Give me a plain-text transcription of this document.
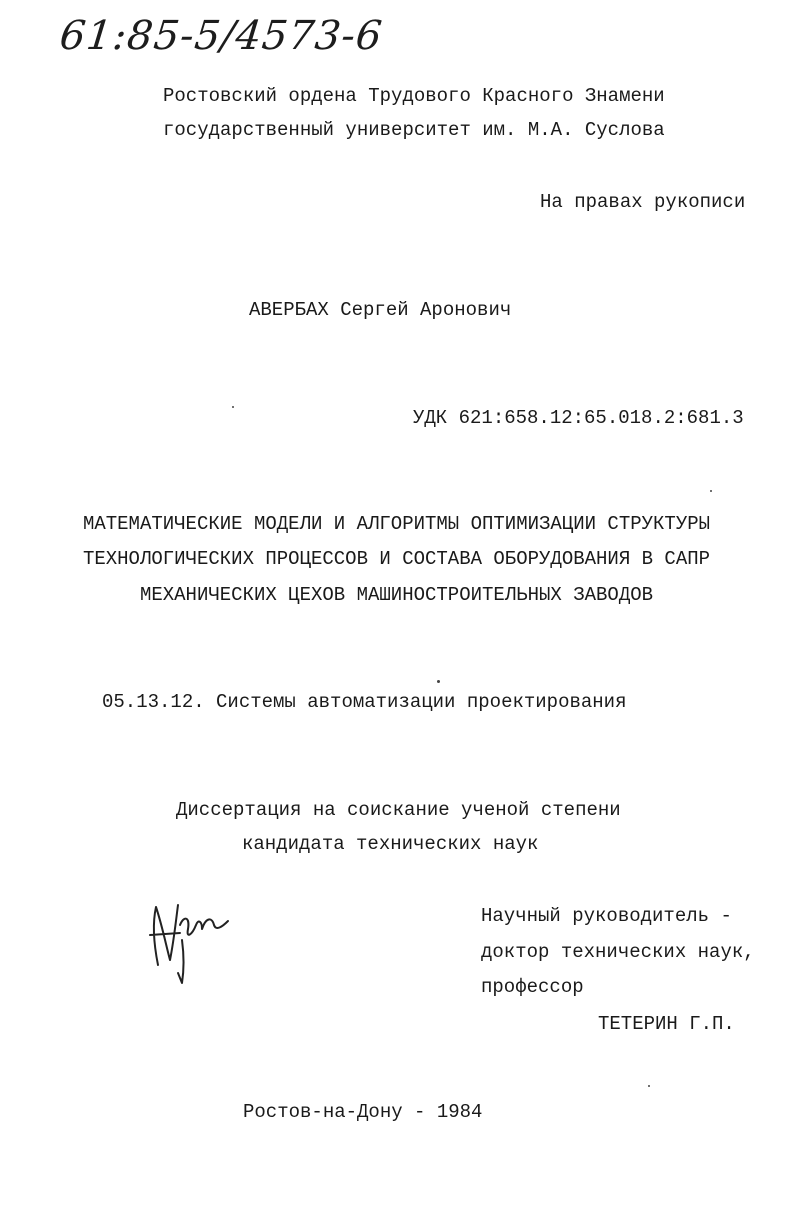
61:85-5/4573-6
Ростовский ордена Трудового Красного Знамени
государственный университет им. М.А. Суслова
На правах рукописи
АВЕРБАХ Сергей Аронович
УДК 621:658.12:65.018.2:681.3
МАТЕМАТИЧЕСКИЕ МОДЕЛИ И АЛГОРИТМЫ ОПТИМИЗАЦИИ СТРУКТУРЫ
ТЕХНОЛОГИЧЕСКИХ ПРОЦЕССОВ И СОСТАВА ОБОРУДОВАНИЯ В САПР
МЕХАНИЧЕСКИХ ЦЕХОВ МАШИНОСТРОИТЕЛЬНЫХ ЗАВОДОВ
05.13.12. Системы автоматизации проектирования
Диссертация на соискание ученой степени
кандидата технических наук
Научный руководитель -
доктор технических наук,
профессор
ТЕТЕРИН Г.П.
Ростов-на-Дону - 1984
